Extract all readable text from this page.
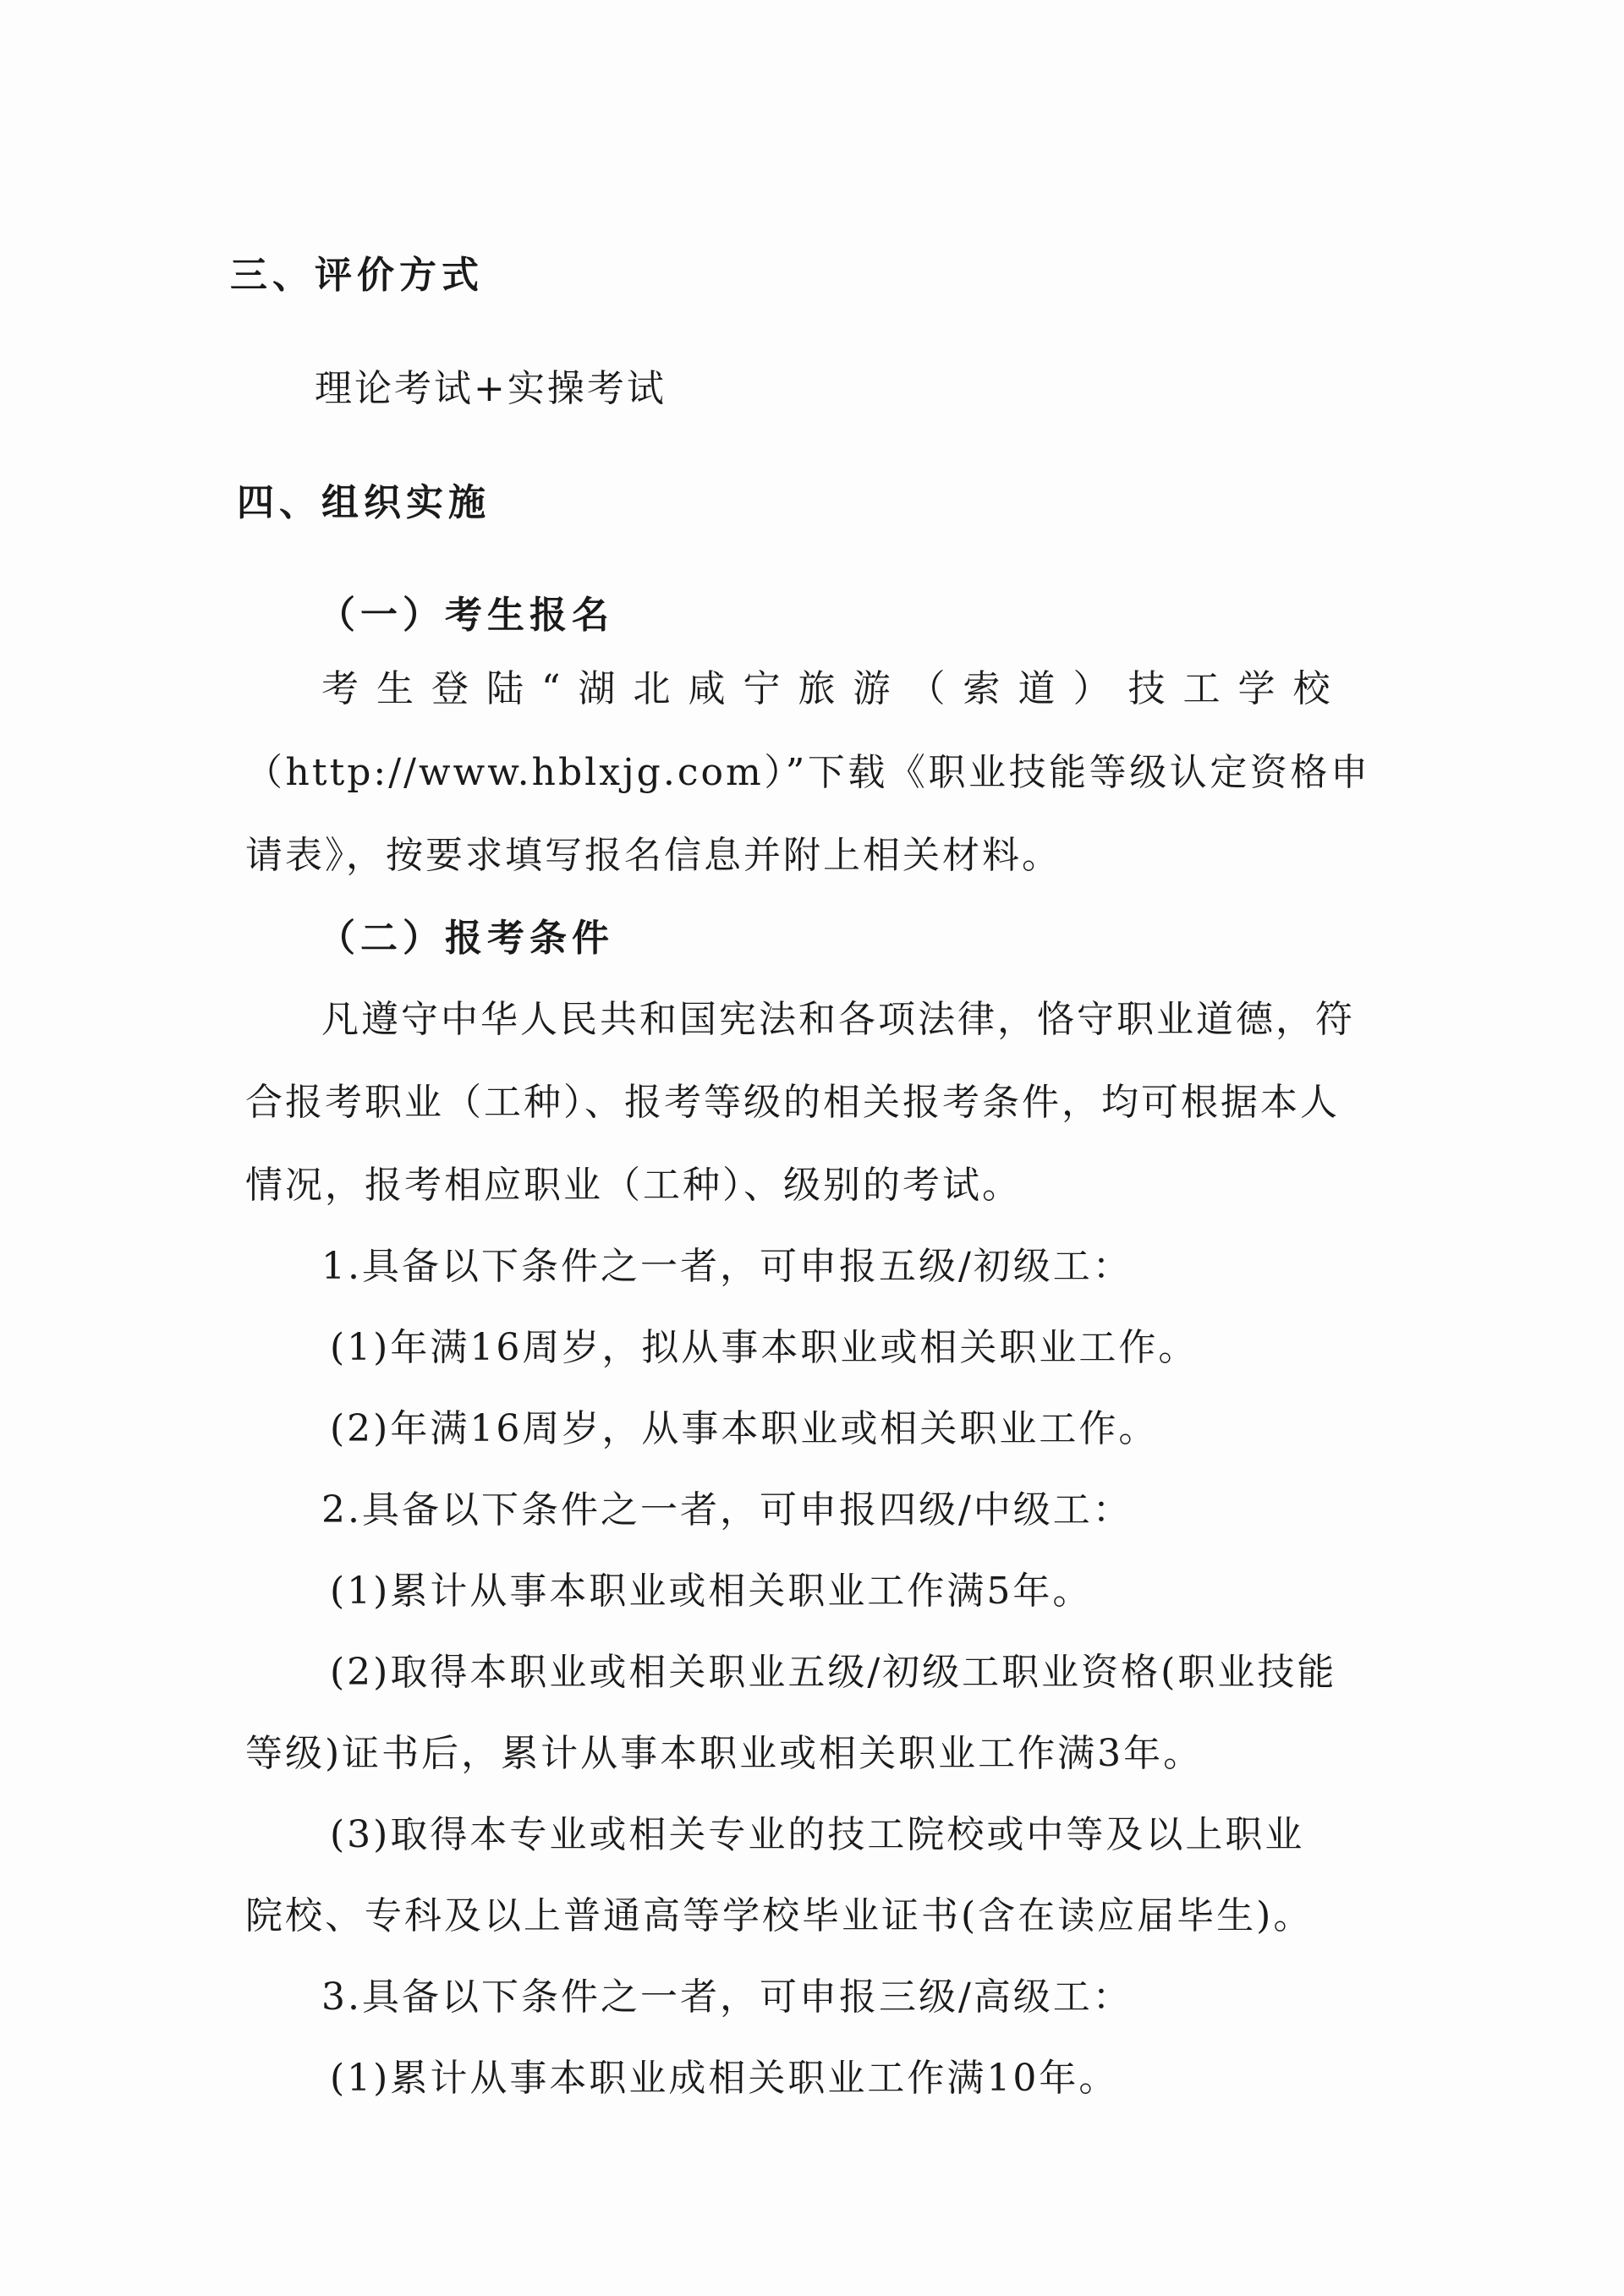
三、评价方式
理论考试+实操考试
四、组织实施
（一）考生报名
考生登陆“湖北咸宁旅游（索道）技工学校
（http://www.hblxjg.com）”下载《职业技能等级认定资格申
请表》，按要求填写报名信息并附上相关材料。
（二）报考条件
凡遵守中华人民共和国宪法和各项法律，恪守职业道德，符
合报考职业（工种）、报考等级的相关报考条件，均可根据本人
情况，报考相应职业（工种）、级别的考试。
1.具备以下条件之一者，可申报五级/初级工：
(1)年满16周岁，拟从事本职业或相关职业工作。
(2)年满16周岁，从事本职业或相关职业工作。
2.具备以下条件之一者，可申报四级/中级工：
(1)累计从事本职业或相关职业工作满5年。
(2)取得本职业或相关职业五级/初级工职业资格(职业技能
等级)证书后，累计从事本职业或相关职业工作满3年。
(3)取得本专业或相关专业的技工院校或中等及以上职业
院校、专科及以上普通高等学校毕业证书(含在读应届毕生)。
3.具备以下条件之一者，可申报三级/高级工：
(1)累计从事本职业成相关职业工作满10年。
